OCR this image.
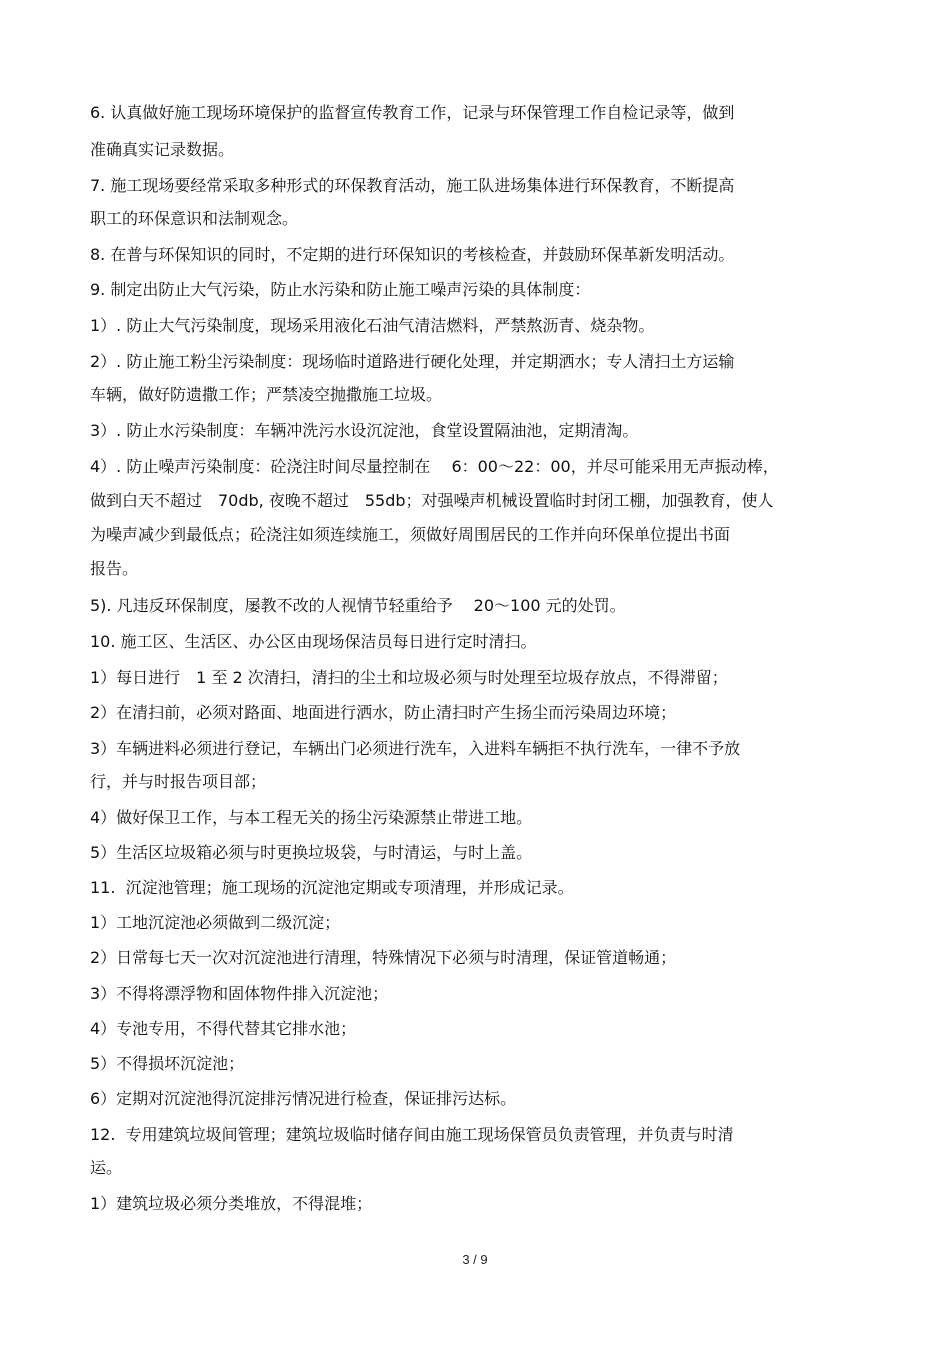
6. 认真做好施工现场环境保护的监督宣传教育工作，记录与环保管理工作自检记录等，做到

准确真实记录数据。

7. 施工现场要经常采取多种形式的环保教育活动，施工队进场集体进行环保教育，不断提高

职工的环保意识和法制观念。

8. 在普与环保知识的同时，不定期的进行环保知识的考核检查，并鼓励环保革新发明活动。

9. 制定出防止大气污染，防止水污染和防止施工噪声污染的具体制度：

1）. 防止大气污染制度，现场采用液化石油气清洁燃料，严禁熬沥青、烧杂物。

2）. 防止施工粉尘污染制度：现场临时道路进行硬化处理，并定期洒水；专人清扫土方运输

车辆，做好防遗撒工作；严禁凌空抛撒施工垃圾。

3）. 防止水污染制度：车辆冲洗污水设沉淀池，食堂设置隔油池，定期清淘。

4）. 防止噪声污染制度：砼浇注时间尽量控制在　 6：00～22：00，并尽可能采用无声振动棒，

做到白天不超过　70db, 夜晚不超过　55db；对强噪声机械设置临时封闭工棚，加强教育，使人

为噪声减少到最低点；砼浇注如须连续施工，须做好周围居民的工作并向环保单位提出书面

报告。

5). 凡违反环保制度，屡教不改的人视情节轻重给予　 20～100 元的处罚。

10. 施工区、生活区、办公区由现场保洁员每日进行定时清扫。

1）每日进行　1 至 2 次清扫，清扫的尘土和垃圾必须与时处理至垃圾存放点，不得滞留；

2）在清扫前，必须对路面、地面进行洒水，防止清扫时产生扬尘而污染周边环境；

3）车辆进料必须进行登记，车辆出门必须进行洗车，入进料车辆拒不执行洗车，一律不予放

行，并与时报告项目部；

4）做好保卫工作，与本工程无关的扬尘污染源禁止带进工地。

5）生活区垃圾箱必须与时更换垃圾袋，与时清运，与时上盖。

11.  沉淀池管理；施工现场的沉淀池定期或专项清理，并形成记录。

1）工地沉淀池必须做到二级沉淀；

2）日常每七天一次对沉淀池进行清理，特殊情况下必须与时清理，保证管道畅通；

3）不得将漂浮物和固体物件排入沉淀池；

4）专池专用，不得代替其它排水池；

5）不得损坏沉淀池；

6）定期对沉淀池得沉淀排污情况进行检查，保证排污达标。

12.  专用建筑垃圾间管理；建筑垃圾临时储存间由施工现场保管员负责管理，并负责与时清

运。

1）建筑垃圾必须分类堆放，不得混堆；

3 / 9
